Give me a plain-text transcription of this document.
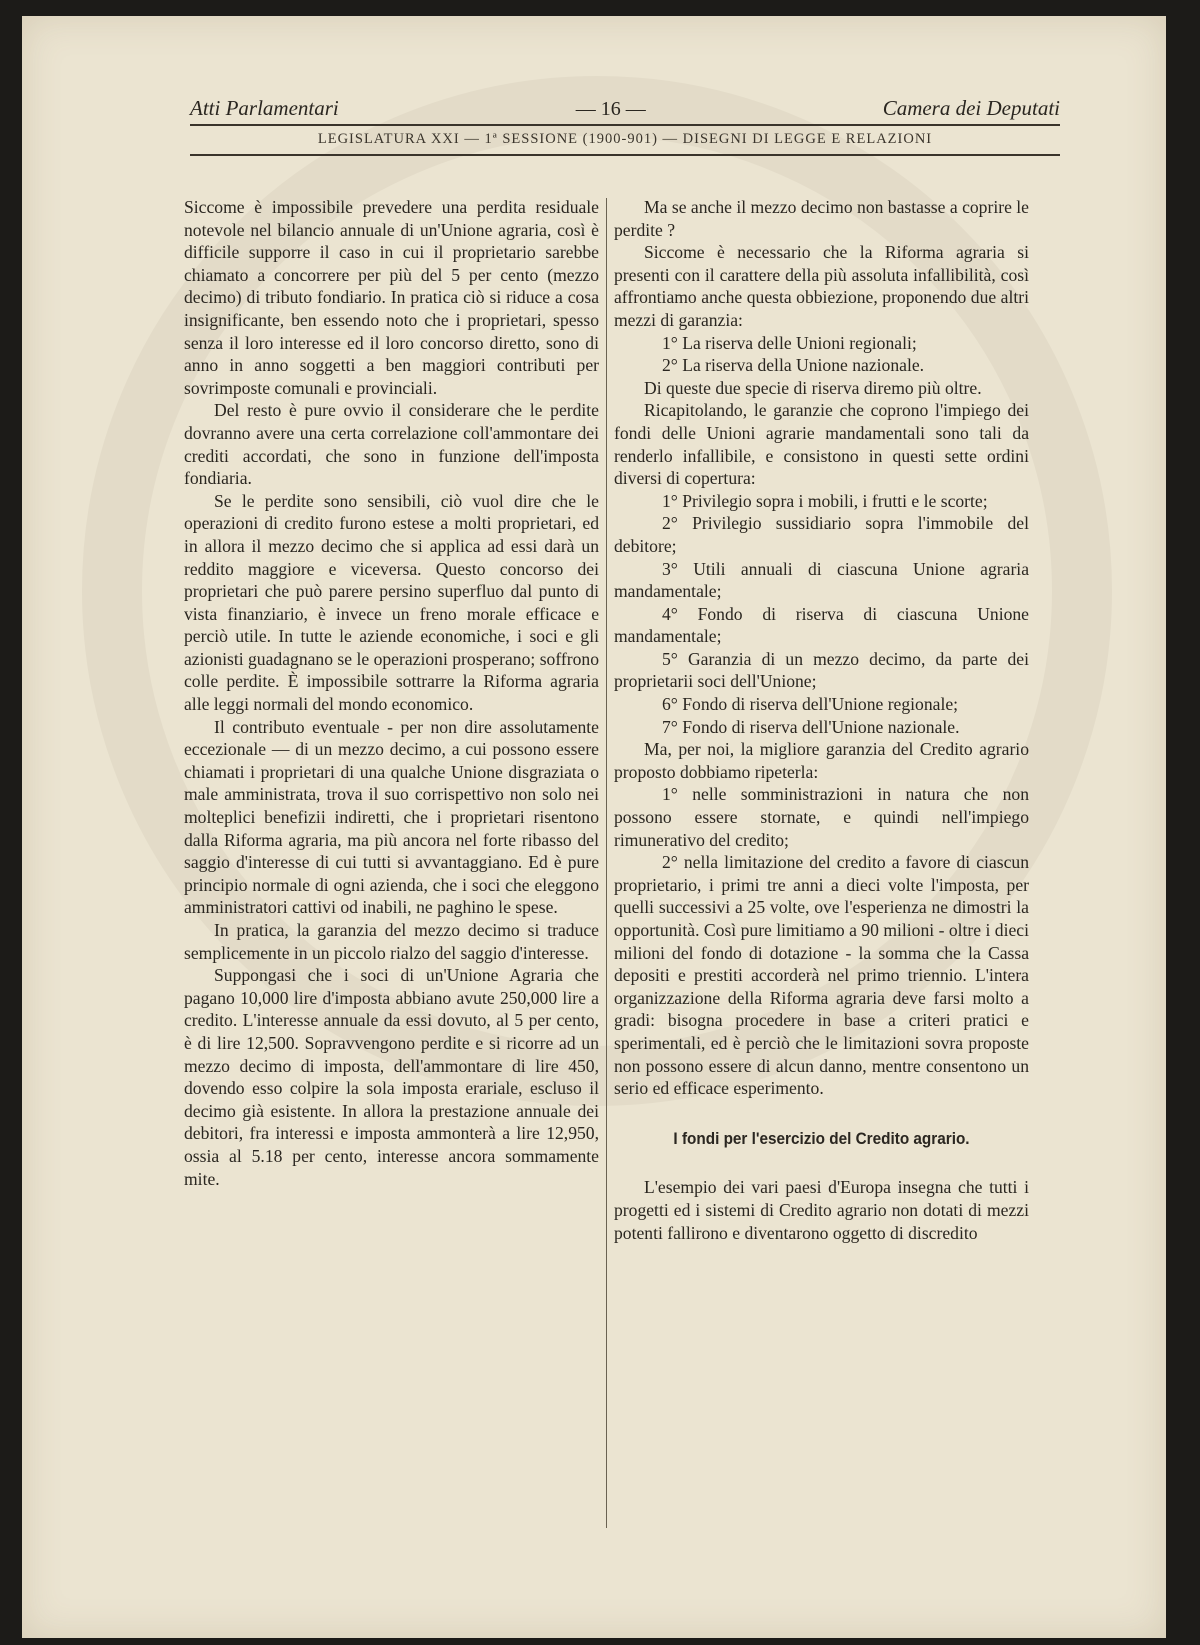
Atti Parlamentari	— 16 —	Camera dei Deputati
LEGISLATURA XXI — 1ª SESSIONE (1900-901) — DISEGNI DI LEGGE E RELAZIONI

Siccome è impossibile prevedere una perdita residuale notevole nel bilancio annuale di un'Unione agraria, così è difficile supporre il caso in cui il proprietario sarebbe chiamato a concorrere per più del 5 per cento (mezzo decimo) di tributo fondiario. In pratica ciò si riduce a cosa insignificante, ben essendo noto che i proprietari, spesso senza il loro interesse ed il loro concorso diretto, sono di anno in anno soggetti a ben maggiori contributi per sovrimposte comunali e provinciali.

Del resto è pure ovvio il considerare che le perdite dovranno avere una certa correlazione coll'ammontare dei crediti accordati, che sono in funzione dell'imposta fondiaria.

Se le perdite sono sensibili, ciò vuol dire che le operazioni di credito furono estese a molti proprietari, ed in allora il mezzo decimo che si applica ad essi darà un reddito maggiore e viceversa. Questo concorso dei proprietari che può parere persino superfluo dal punto di vista finanziario, è invece un freno morale efficace e perciò utile. In tutte le aziende economiche, i soci e gli azionisti guadagnano se le operazioni prosperano; soffrono colle perdite. È impossibile sottrarre la Riforma agraria alle leggi normali del mondo economico.

Il contributo eventuale - per non dire assolutamente eccezionale — di un mezzo decimo, a cui possono essere chiamati i proprietari di una qualche Unione disgraziata o male amministrata, trova il suo corrispettivo non solo nei molteplici benefizii indiretti, che i proprietari risentono dalla Riforma agraria, ma più ancora nel forte ribasso del saggio d'interesse di cui tutti si avvantaggiano. Ed è pure principio normale di ogni azienda, che i soci che eleggono amministratori cattivi od inabili, ne paghino le spese.

In pratica, la garanzia del mezzo decimo si traduce semplicemente in un piccolo rialzo del saggio d'interesse.

Suppongasi che i soci di un'Unione Agraria che pagano 10,000 lire d'imposta abbiano avute 250,000 lire a credito. L'interesse annuale da essi dovuto, al 5 per cento, è di lire 12,500. Sopravvengono perdite e si ricorre ad un mezzo decimo di imposta, dell'ammontare di lire 450, dovendo esso colpire la sola imposta erariale, escluso il decimo già esistente. In allora la prestazione annuale dei debitori, fra interessi e imposta ammonterà a lire 12,950, ossia al 5.18 per cento, interesse ancora sommamente mite.

Ma se anche il mezzo decimo non bastasse a coprire le perdite ?

Siccome è necessario che la Riforma agraria si presenti con il carattere della più assoluta infallibilità, così affrontiamo anche questa obbiezione, proponendo due altri mezzi di garanzia:

1° La riserva delle Unioni regionali;

2° La riserva della Unione nazionale.

Di queste due specie di riserva diremo più oltre.

Ricapitolando, le garanzie che coprono l'impiego dei fondi delle Unioni agrarie mandamentali sono tali da renderlo infallibile, e consistono in questi sette ordini diversi di copertura:

1° Privilegio sopra i mobili, i frutti e le scorte;

2° Privilegio sussidiario sopra l'immobile del debitore;

3° Utili annuali di ciascuna Unione agraria mandamentale;

4° Fondo di riserva di ciascuna Unione mandamentale;

5° Garanzia di un mezzo decimo, da parte dei proprietarii soci dell'Unione;

6° Fondo di riserva dell'Unione regionale;

7° Fondo di riserva dell'Unione nazionale.

Ma, per noi, la migliore garanzia del Credito agrario proposto dobbiamo ripeterla:

1° nelle somministrazioni in natura che non possono essere stornate, e quindi nell'impiego rimunerativo del credito;

2° nella limitazione del credito a favore di ciascun proprietario, i primi tre anni a dieci volte l'imposta, per quelli successivi a 25 volte, ove l'esperienza ne dimostri la opportunità. Così pure limitiamo a 90 milioni - oltre i dieci milioni del fondo di dotazione - la somma che la Cassa depositi e prestiti accorderà nel primo triennio. L'intera organizzazione della Riforma agraria deve farsi molto a gradi: bisogna procedere in base a criteri pratici e sperimentali, ed è perciò che le limitazioni sovra proposte non possono essere di alcun danno, mentre consentono un serio ed efficace esperimento.

I fondi per l'esercizio del Credito agrario.

L'esempio dei vari paesi d'Europa insegna che tutti i progetti ed i sistemi di Credito agrario non dotati di mezzi potenti fallirono e diventarono oggetto di discredito
